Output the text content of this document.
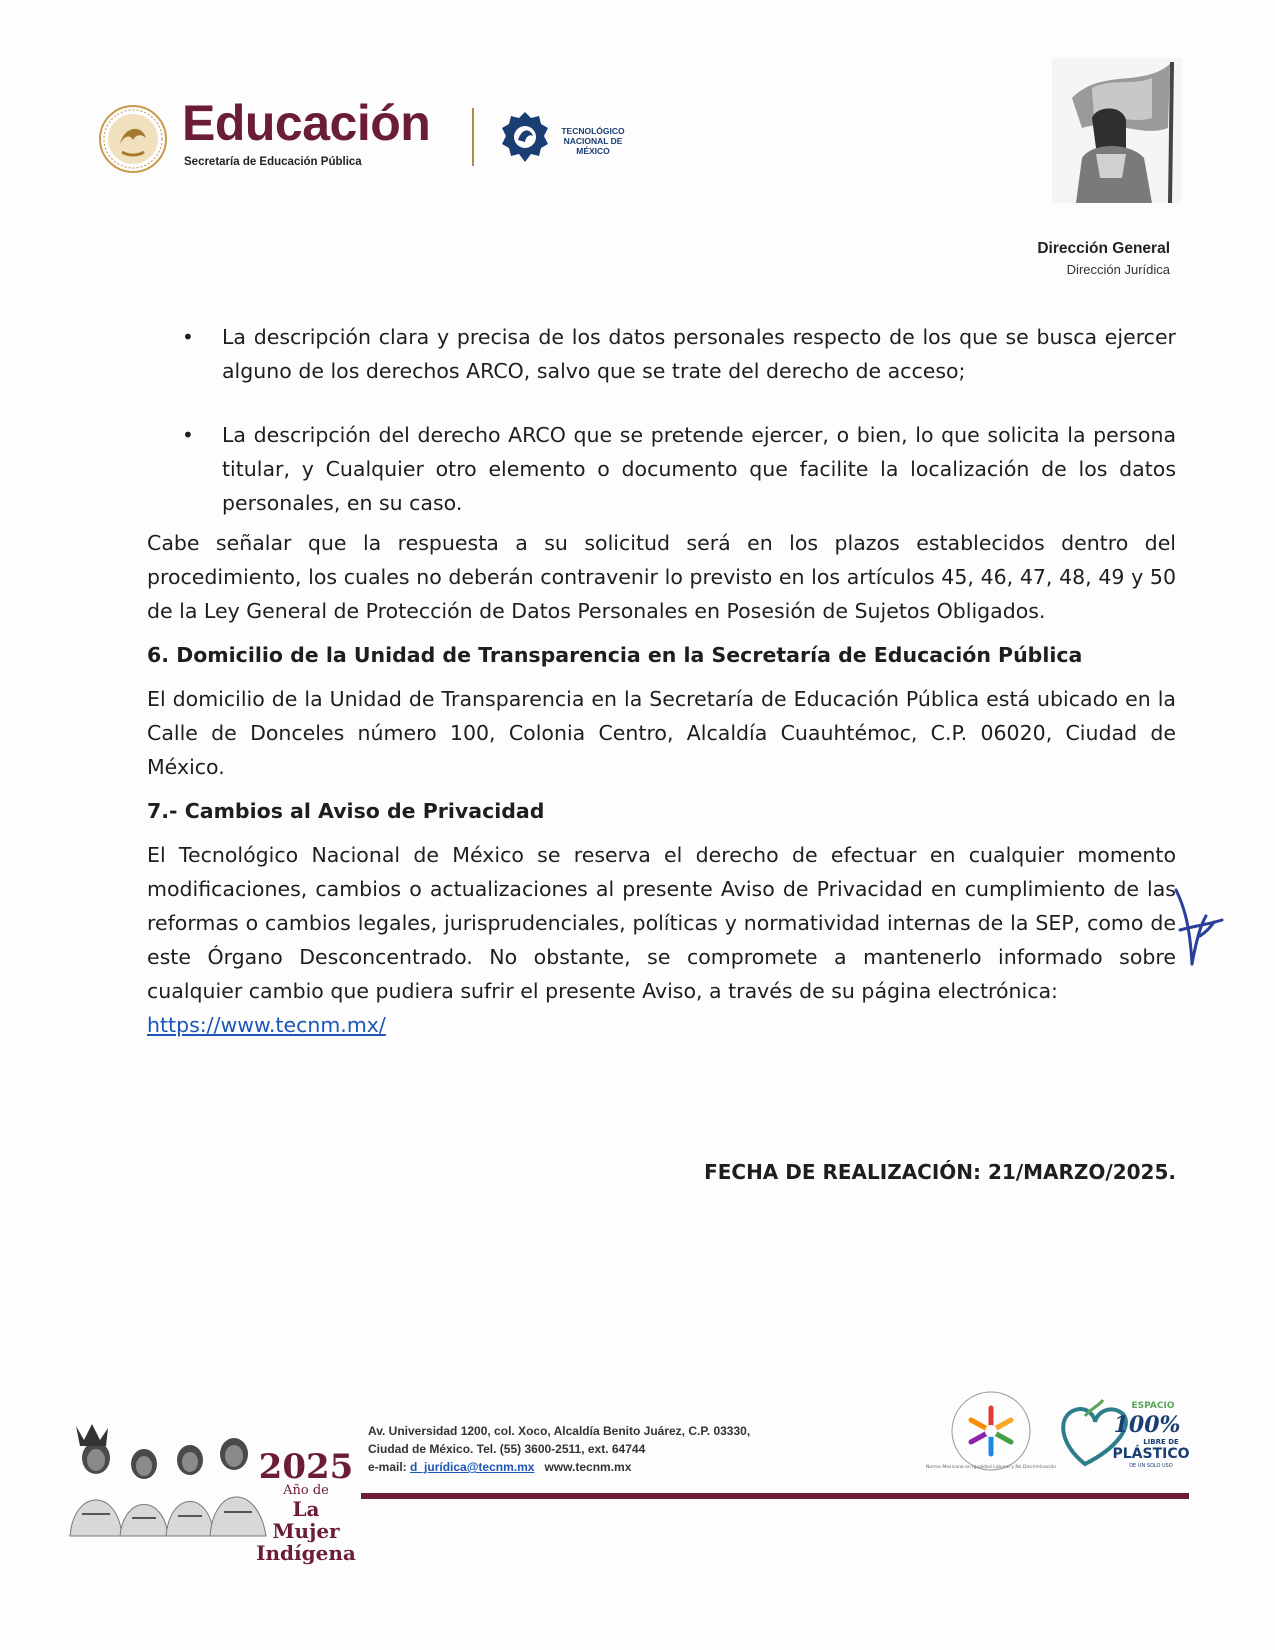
Educación
Secretaría de Educación Pública
TECNOLÓGICO
NACIONAL DE MÉXICO
Dirección General
Dirección Jurídica
• La descripción clara y precisa de los datos personales respecto de los que se busca ejercer alguno de los derechos ARCO, salvo que se trate del derecho de acceso;
• La descripción del derecho ARCO que se pretende ejercer, o bien, lo que solicita la persona titular, y Cualquier otro elemento o documento que facilite la localización de los datos personales, en su caso.

Cabe señalar que la respuesta a su solicitud será en los plazos establecidos dentro del procedimiento, los cuales no deberán contravenir lo previsto en los artículos 45, 46, 47, 48, 49 y 50 de la Ley General de Protección de Datos Personales en Posesión de Sujetos Obligados.

6. Domicilio de la Unidad de Transparencia en la Secretaría de Educación Pública

El domicilio de la Unidad de Transparencia en la Secretaría de Educación Pública está ubicado en la Calle de Donceles número 100, Colonia Centro, Alcaldía Cuauhtémoc, C.P. 06020, Ciudad de México.

7.- Cambios al Aviso de Privacidad

El Tecnológico Nacional de México se reserva el derecho de efectuar en cualquier momento modificaciones, cambios o actualizaciones al presente Aviso de Privacidad en cumplimiento de las reformas o cambios legales, jurisprudenciales, políticas y normatividad internas de la SEP, como de este Órgano Desconcentrado. No obstante, se compromete a mantenerlo informado sobre cualquier cambio que pudiera sufrir el presente Aviso, a través de su página electrónica:
https://www.tecnm.mx/

FECHA DE REALIZACIÓN: 21/MARZO/2025.
2025
Año de
La Mujer
Indígena
Av. Universidad 1200, col. Xoco, Alcaldía Benito Juárez, C.P. 03330,
Ciudad de México. Tel. (55) 3600-2511, ext. 64744
e-mail: d_jurídica@tecnm.mx www.tecnm.mx	Norma Mexicana en Igualdad Laboral y No Discriminación
ESPACIO
100%
LIBRE DE
PLÁSTICO
DE UN SOLO USO
